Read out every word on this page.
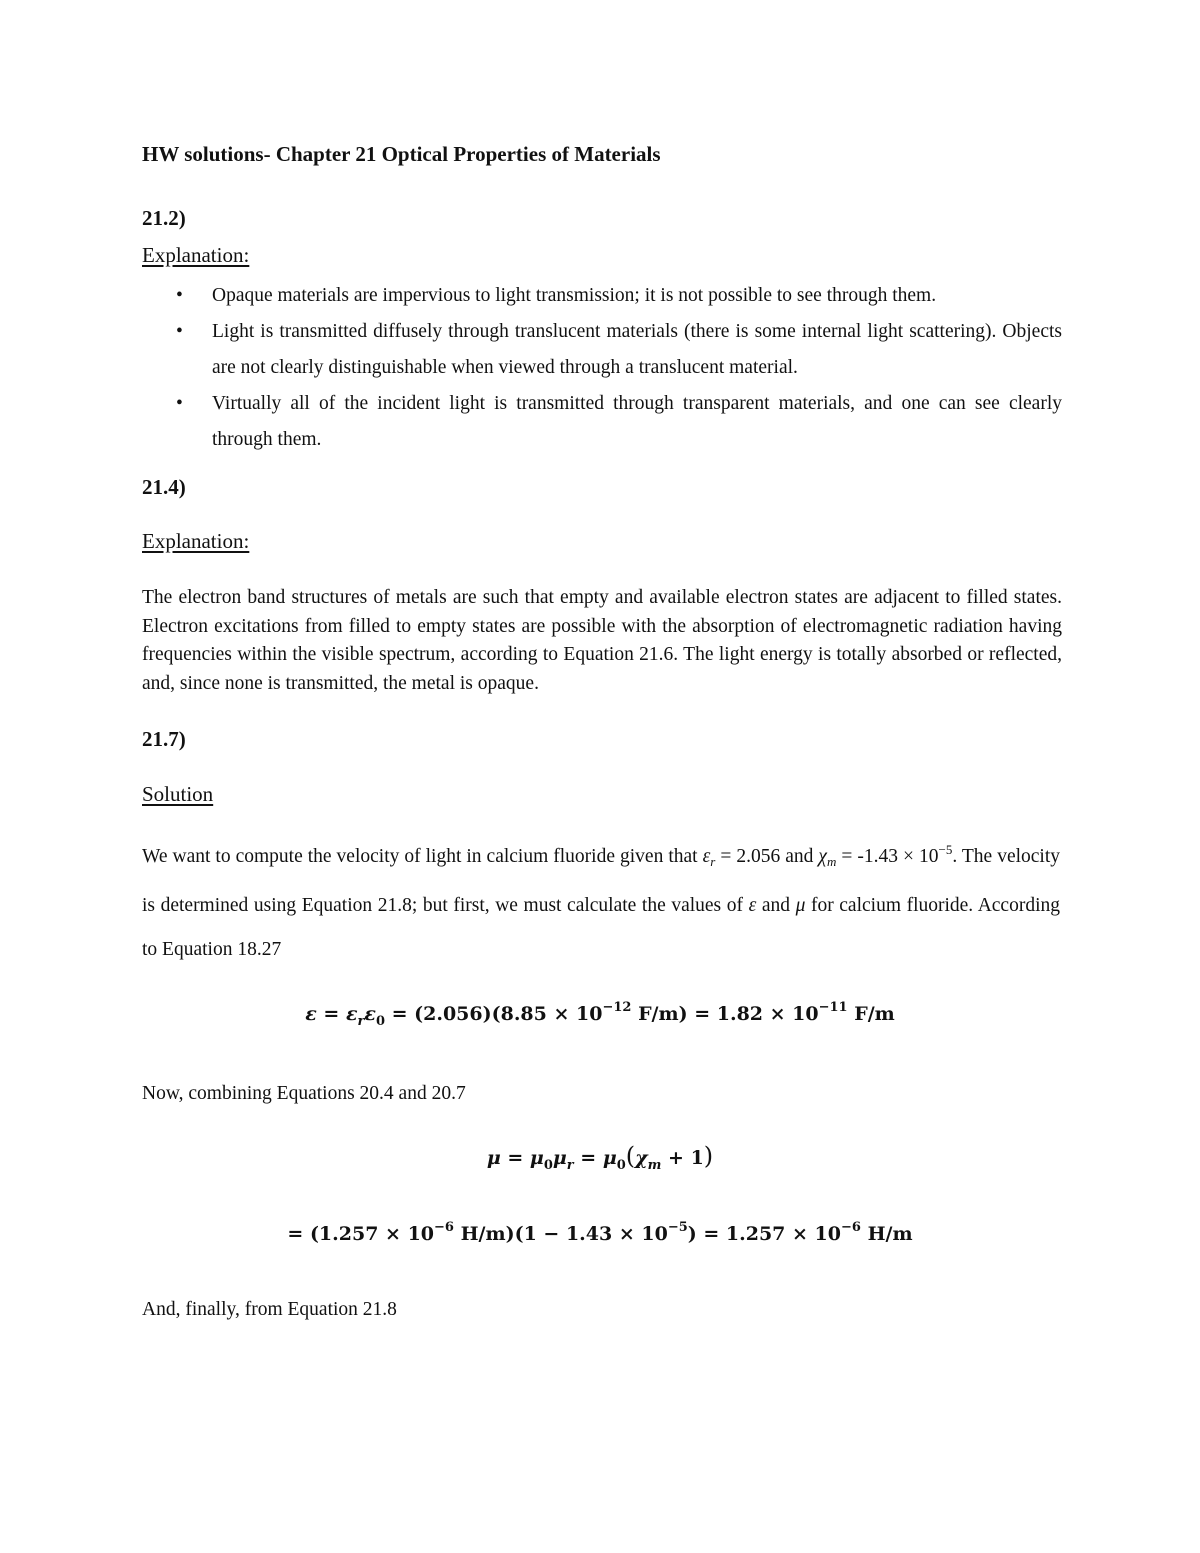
HW solutions- Chapter 21 Optical Properties of Materials
21.2)
Explanation:
• Opaque materials are impervious to light transmission; it is not possible to see through them.
• Light is transmitted diffusely through translucent materials (there is some internal light scattering). Objects are not clearly distinguishable when viewed through a translucent material.
• Virtually all of the incident light is transmitted through transparent materials, and one can see clearly through them.
21.4)
Explanation:
The electron band structures of metals are such that empty and available electron states are adjacent to filled states. Electron excitations from filled to empty states are possible with the absorption of electromagnetic radiation having frequencies within the visible spectrum, according to Equation 21.6. The light energy is totally absorbed or reflected, and, since none is transmitted, the metal is opaque.
21.7)
Solution
We want to compute the velocity of light in calcium fluoride given that $\varepsilon_r = 2.056$ and $\chi_m = -1.43 \times 10^{-5}$. The velocity is determined using Equation 21.8; but first, we must calculate the values of ε and μ for calcium fluoride. According to Equation 18.27
$\varepsilon = \varepsilon_r\varepsilon_0 = (2.056)(8.85 \times 10^{-12}$ $F/m) = 1.82 \times 10^{-11}$ F/m
Now, combining Equations 20.4 and 20.7
$\mu = \mu_0\mu_r = \mu_0(\chi_m + 1)$
= ($1.257 \times 10^{-6}$ $H/m)(1 - 1.43 \times 10^{-5}) = 1.257 \times 10^{-6}$ H/m
And, finally, from Equation 21.8
